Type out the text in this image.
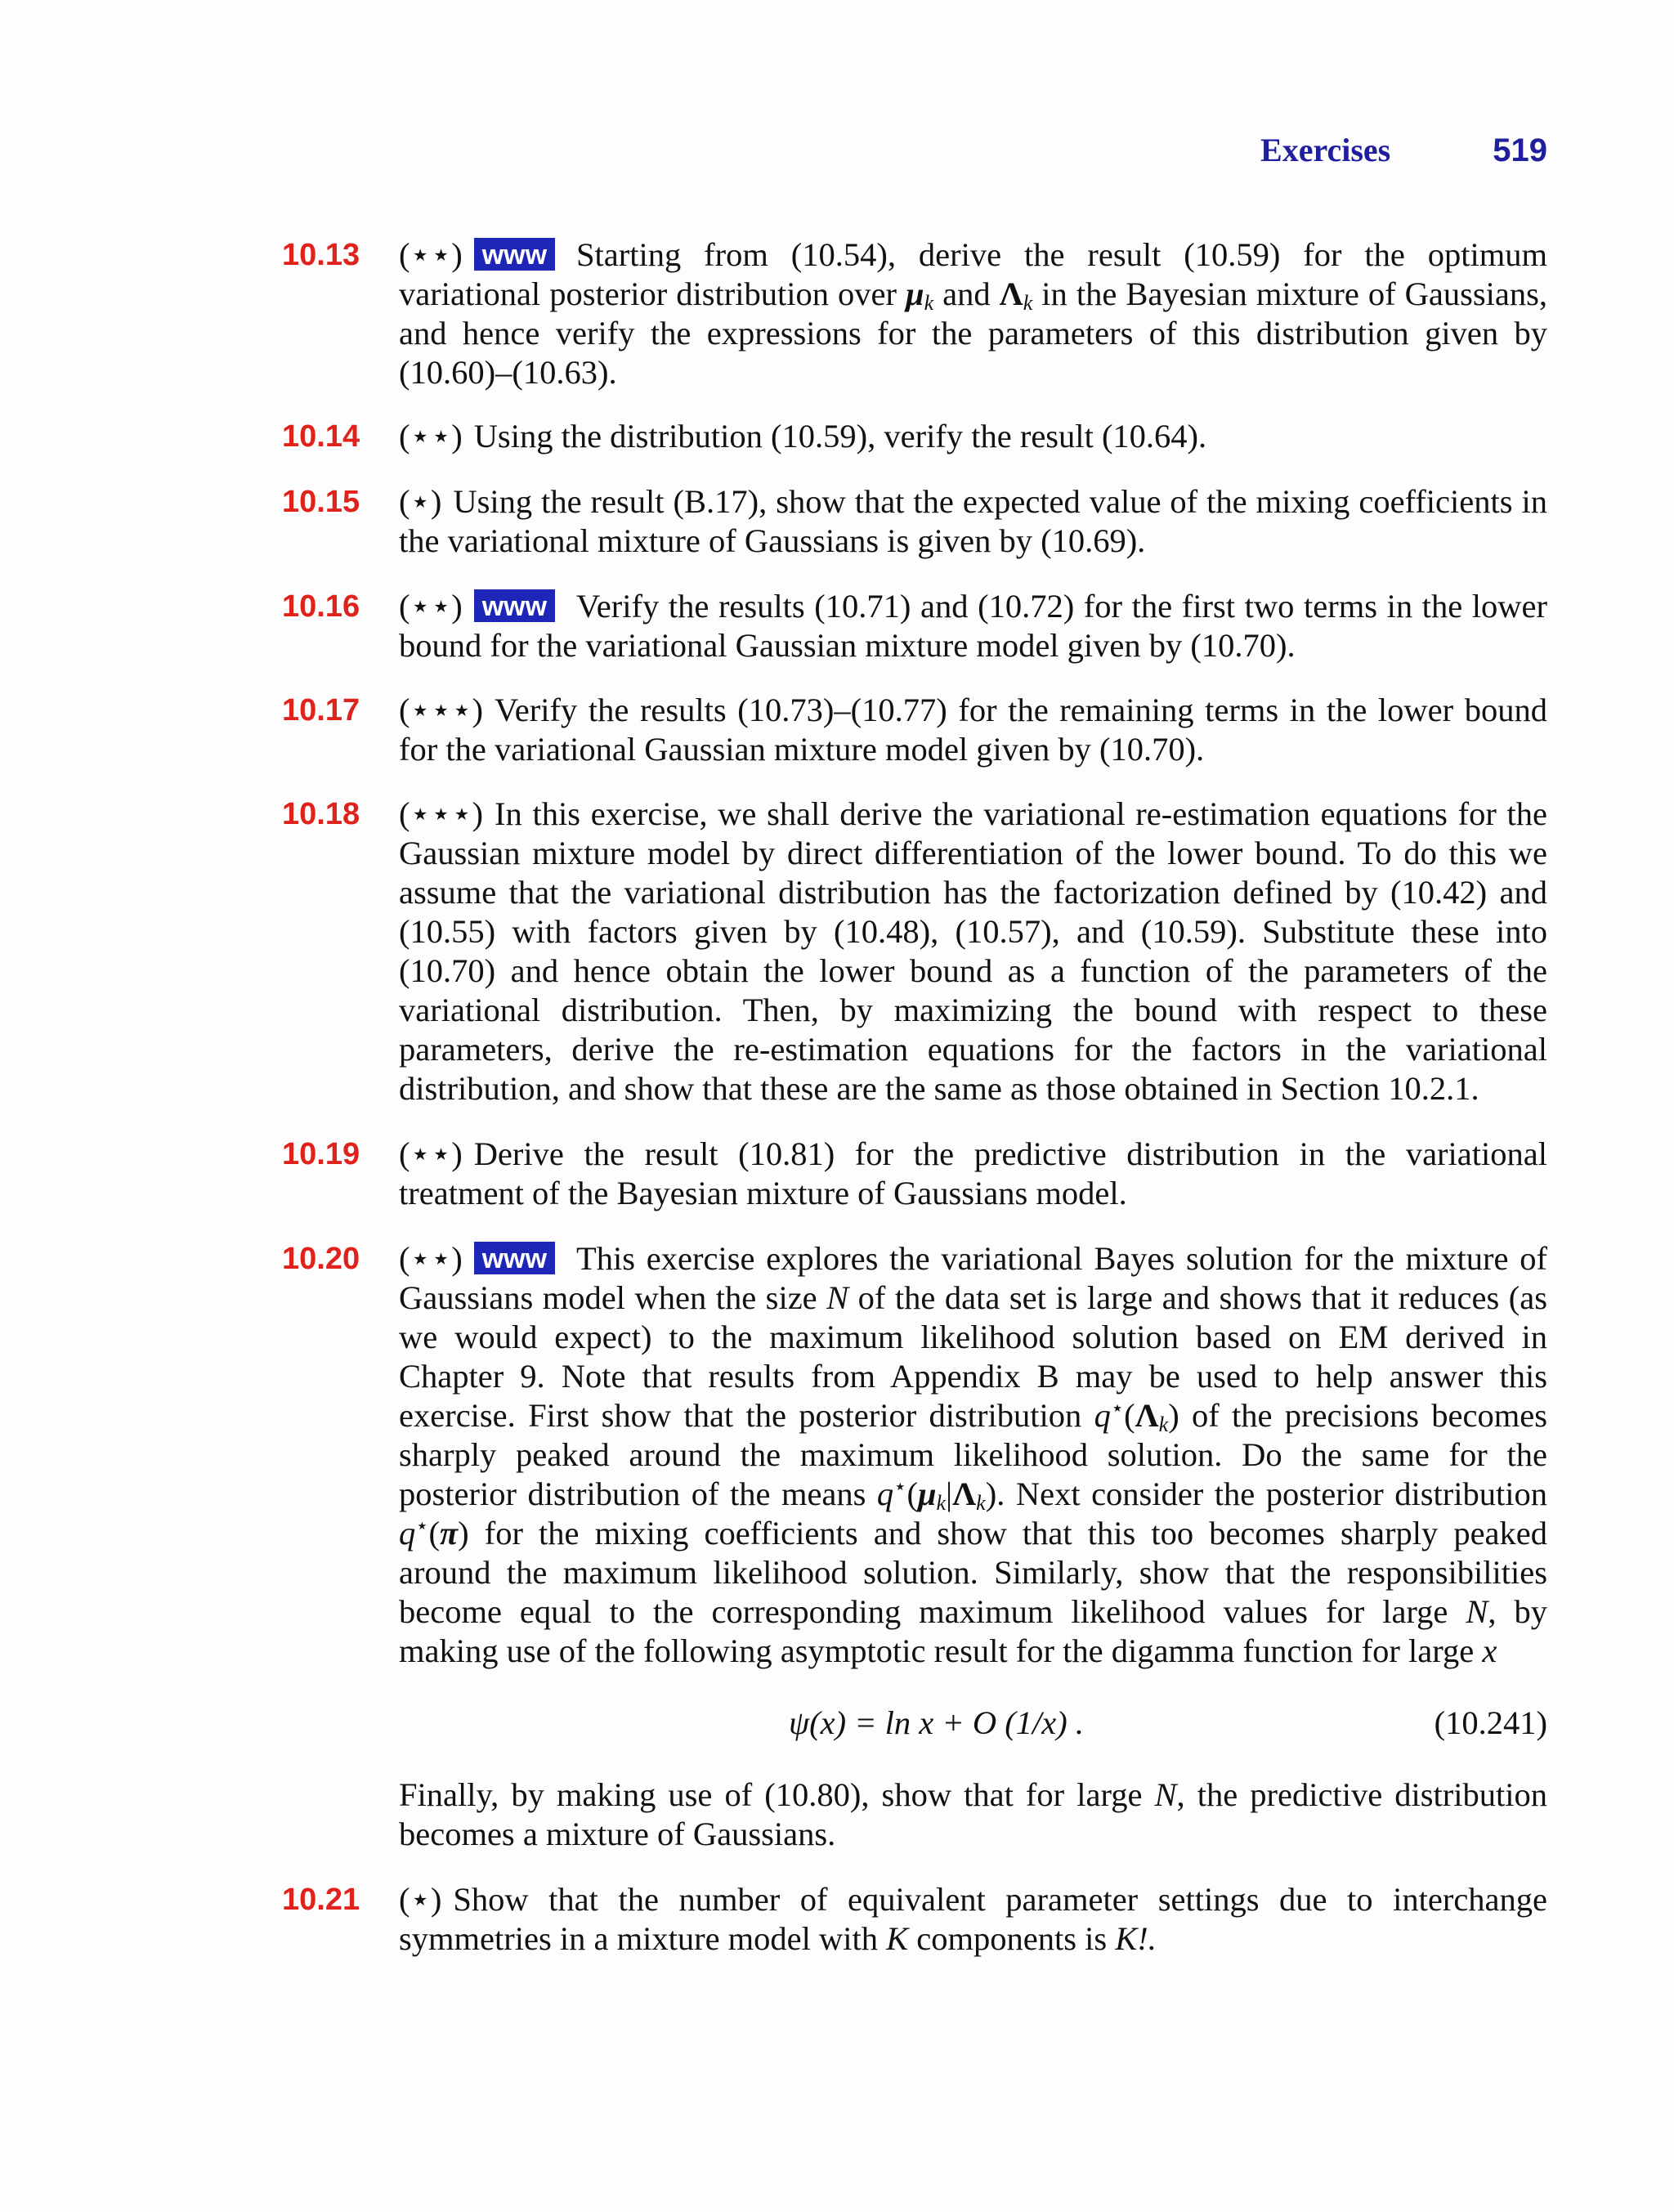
Exercises	519
10.13 (⋆⋆) www Starting from (10.54), derive the result (10.59) for the optimum variational posterior distribution over $\mu_k$ and $\Lambda_k$ in the Bayesian mixture of Gaussians, and hence verify the expressions for the parameters of this distribution given by (10.60)–(10.63).
10.14 (⋆⋆) Using the distribution (10.59), verify the result (10.64).
10.15 (⋆) Using the result (B.17), show that the expected value of the mixing coefficients in the variational mixture of Gaussians is given by (10.69).
10.16 (⋆⋆) www Verify the results (10.71) and (10.72) for the first two terms in the lower bound for the variational Gaussian mixture model given by (10.70).
10.17 (⋆⋆⋆) Verify the results (10.73)–(10.77) for the remaining terms in the lower bound for the variational Gaussian mixture model given by (10.70).
10.18 (⋆⋆⋆) In this exercise, we shall derive the variational re-estimation equations for the Gaussian mixture model by direct differentiation of the lower bound. To do this we assume that the variational distribution has the factorization defined by (10.42) and (10.55) with factors given by (10.48), (10.57), and (10.59). Substitute these into (10.70) and hence obtain the lower bound as a function of the parameters of the variational distribution. Then, by maximizing the bound with respect to these parameters, derive the re-estimation equations for the factors in the variational distribution, and show that these are the same as those obtained in Section 10.2.1.
10.19 (⋆⋆) Derive the result (10.81) for the predictive distribution in the variational treatment of the Bayesian mixture of Gaussians model.
10.20 (⋆⋆) www This exercise explores the variational Bayes solution for the mixture of Gaussians model when the size N of the data set is large and shows that it reduces (as we would expect) to the maximum likelihood solution based on EM derived in Chapter 9. Note that results from Appendix B may be used to help answer this exercise. First show that the posterior distribution $q^⋆(\Lambda_k)$ of the precisions becomes sharply peaked around the maximum likelihood solution. Do the same for the posterior distribution of the means $q^⋆(\mu_k|\Lambda_k)$. Next consider the posterior distribution q⋆(π) for the mixing coefficients and show that this too becomes sharply peaked around the maximum likelihood solution. Similarly, show that the responsibilities become equal to the corresponding maximum likelihood values for large N, by making use of the following asymptotic result for the digamma function for large x
ψ(x) = ln x + O (1/x) .	(10.241)
Finally, by making use of (10.80), show that for large N, the predictive distribution becomes a mixture of Gaussians.
10.21 (⋆) Show that the number of equivalent parameter settings due to interchange symmetries in a mixture model with K components is K!.
